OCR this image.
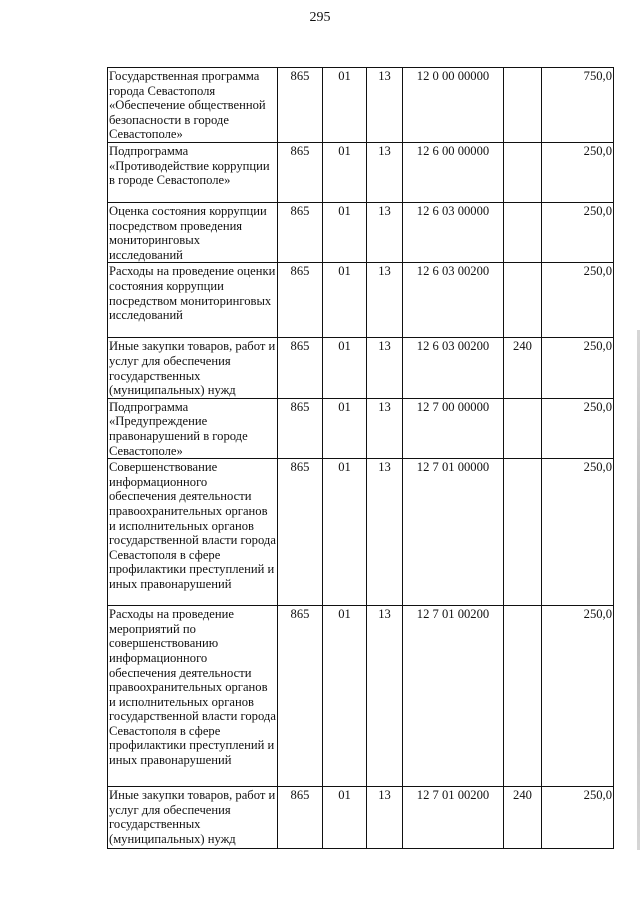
295
Государственная программа города Севастополя «Обеспечение общественной безопасности в городе Севастополе»	865	01	13	12 0 00 00000		750,0
Подпрограмма «Противодействие коррупции в городе Севастополе»	865	01	13	12 6 00 00000		250,0
Оценка состояния коррупции посредством проведения мониторинговых исследований	865	01	13	12 6 03 00000		250,0
Расходы на проведение оценки состояния коррупции посредством мониторинговых исследований	865	01	13	12 6 03 00200		250,0
Иные закупки товаров, работ и услуг для обеспечения государственных (муниципальных) нужд	865	01	13	12 6 03 00200	240	250,0
Подпрограмма «Предупреждение правонарушений в городе Севастополе»	865	01	13	12 7 00 00000		250,0
Совершенствование информационного обеспечения деятельности правоохранительных органов и исполнительных органов государственной власти города Севастополя в сфере профилактики преступлений и иных правонарушений	865	01	13	12 7 01 00000		250,0
Расходы на проведение мероприятий по совершенствованию информационного обеспечения деятельности правоохранительных органов и исполнительных органов государственной власти города Севастополя в сфере профилактики преступлений и иных правонарушений	865	01	13	12 7 01 00200		250,0
Иные закупки товаров, работ и услуг для обеспечения государственных (муниципальных) нужд	865	01	13	12 7 01 00200	240	250,0
